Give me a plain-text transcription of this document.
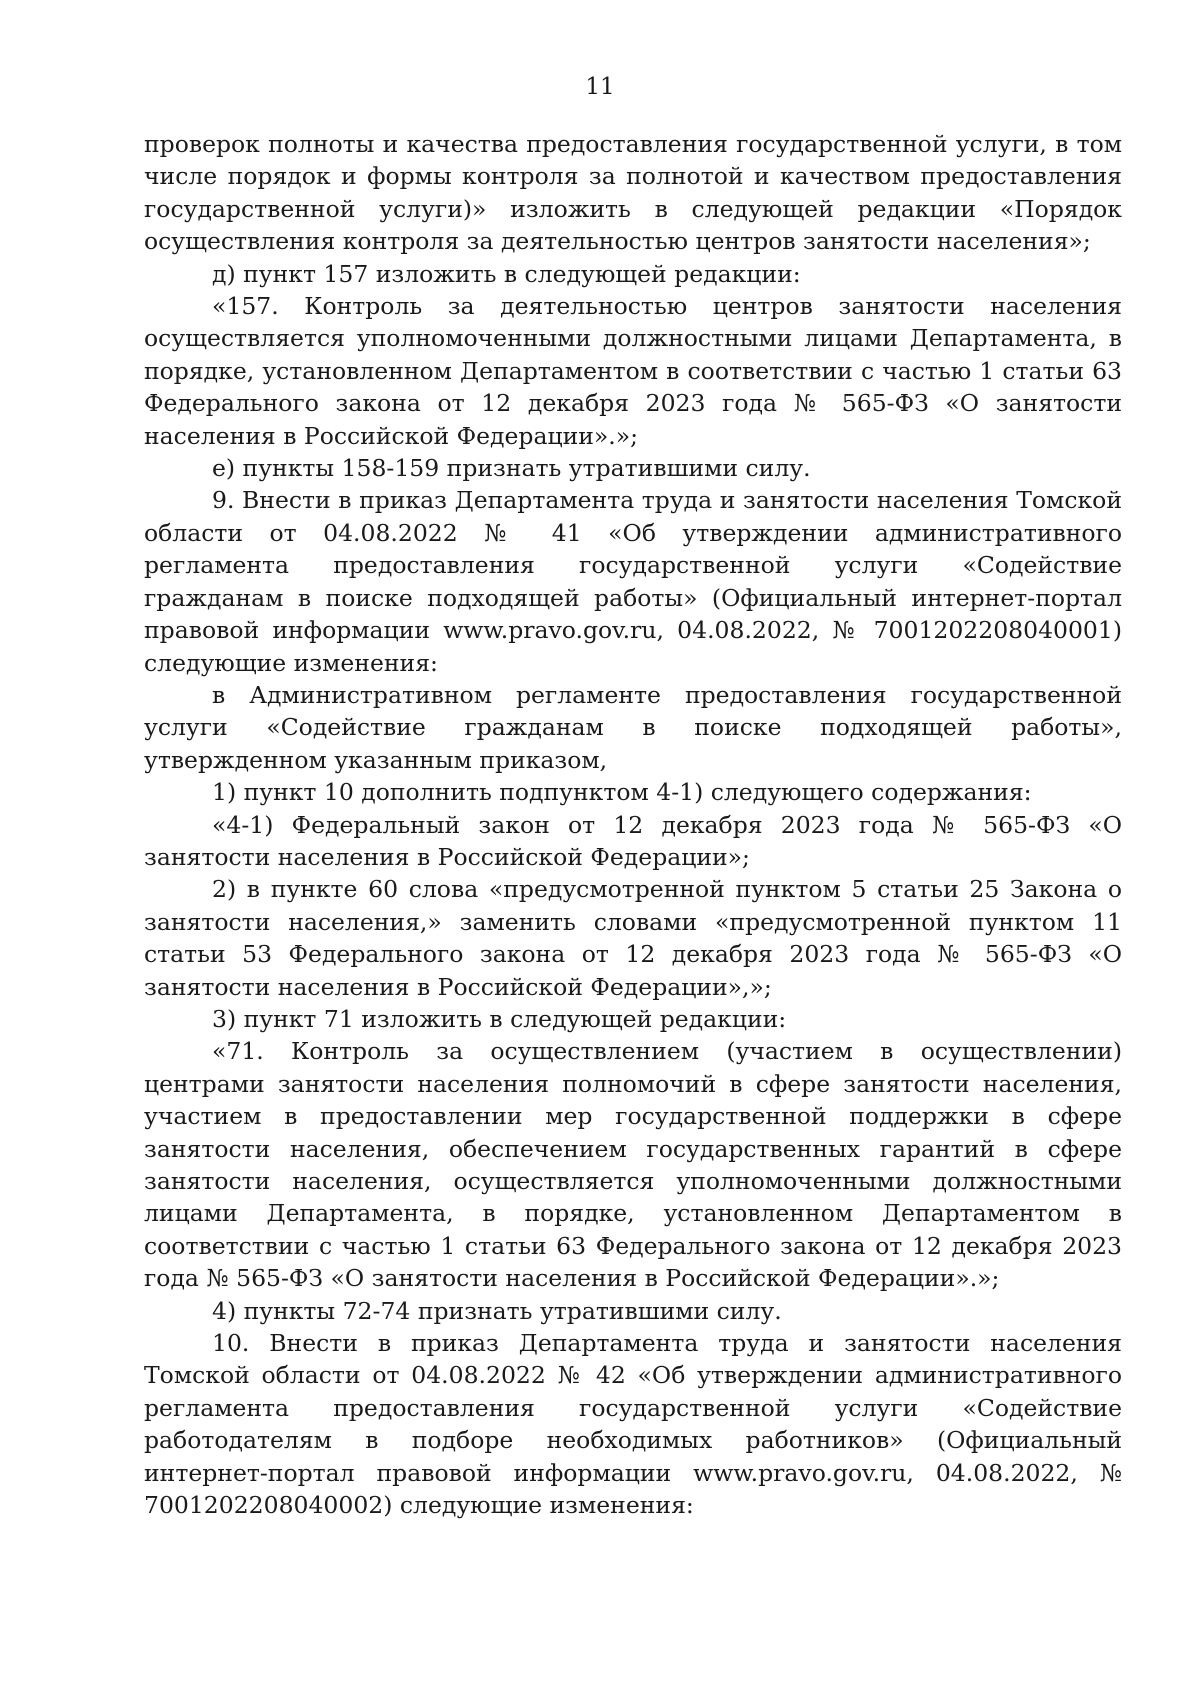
11

проверок полноты и качества предоставления государственной услуги, в том числе порядок и формы контроля за полнотой и качеством предоставления государственной услуги)» изложить в следующей редакции «Порядок осуществления контроля за деятельностью центров занятости населения»;

д) пункт 157 изложить в следующей редакции:

«157. Контроль за деятельностью центров занятости населения осуществляется уполномоченными должностными лицами Департамента, в порядке, установленном Департаментом в соответствии с частью 1 статьи 63 Федерального закона от 12 декабря 2023 года № 565-ФЗ «О занятости населения в Российской Федерации».»;

е) пункты 158-159 признать утратившими силу.

9. Внести в приказ Департамента труда и занятости населения Томской области от 04.08.2022 № 41 «Об утверждении административного регламента предоставления государственной услуги «Содействие гражданам в поиске подходящей работы» (Официальный интернет-портал правовой информации www.pravo.gov.ru, 04.08.2022, № 7001202208040001) следующие изменения:

в Административном регламенте предоставления государственной услуги «Содействие гражданам в поиске подходящей работы», утвержденном указанным приказом,

1) пункт 10 дополнить подпунктом 4-1) следующего содержания:

«4-1) Федеральный закон от 12 декабря 2023 года № 565-ФЗ «О занятости населения в Российской Федерации»;

2) в пункте 60 слова «предусмотренной пунктом 5 статьи 25 Закона о занятости населения,» заменить словами «предусмотренной пунктом 11 статьи 53 Федерального закона от 12 декабря 2023 года № 565-ФЗ «О занятости населения в Российской Федерации»,»;

3) пункт 71 изложить в следующей редакции:

«71. Контроль за осуществлением (участием в осуществлении) центрами занятости населения полномочий в сфере занятости населения, участием в предоставлении мер государственной поддержки в сфере занятости населения, обеспечением государственных гарантий в сфере занятости населения, осуществляется уполномоченными должностными лицами Департамента, в порядке, установленном Департаментом в соответствии с частью 1 статьи 63 Федерального закона от 12 декабря 2023 года № 565-ФЗ «О занятости населения в Российской Федерации».»;

4) пункты 72-74 признать утратившими силу.

10. Внести в приказ Департамента труда и занятости населения Томской области от 04.08.2022 № 42 «Об утверждении административного регламента предоставления государственной услуги «Содействие работодателям в подборе необходимых работников» (Официальный интернет-портал правовой информации www.pravo.gov.ru, 04.08.2022, № 7001202208040002) следующие изменения:
